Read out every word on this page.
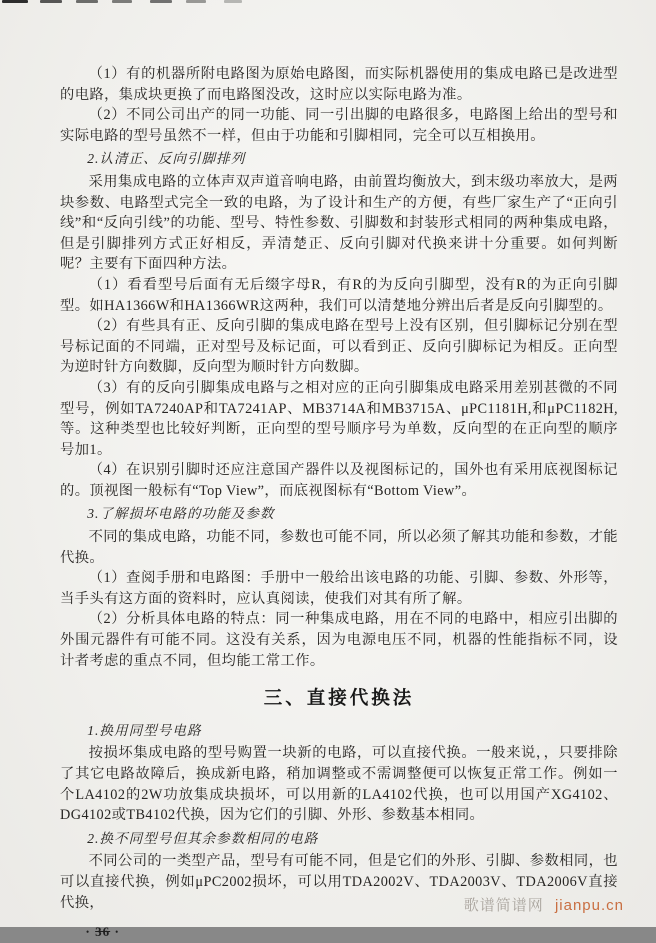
（1）有的机器所附电路图为原始电路图，而实际机器使用的集成电路已是改进型的电路，集成块更换了而电路图没改，这时应以实际电路为准。

（2）不同公司出产的同一功能、同一引出脚的电路很多，电路图上给出的型号和实际电路的型号虽然不一样，但由于功能和引脚相同，完全可以互相换用。

2.认清正、反向引脚排列

采用集成电路的立体声双声道音响电路，由前置均衡放大，到末级功率放大，是两块参数、电路型式完全一致的电路，为了设计和生产的方便，有些厂家生产了“正向引线”和“反向引线”的功能、型号、特性参数、引脚数和封装形式相同的两种集成电路，但是引脚排列方式正好相反，弄清楚正、反向引脚对代换来讲十分重要。如何判断呢？主要有下面四种方法。

（1）看看型号后面有无后缀字母R，有R的为反向引脚型，没有R的为正向引脚型。如HA1366W和HA1366WR这两种，我们可以清楚地分辨出后者是反向引脚型的。

（2）有些具有正、反向引脚的集成电路在型号上没有区别，但引脚标记分别在型号标记面的不同端，正对型号及标记面，可以看到正、反向引脚标记为相反。正向型为逆时针方向数脚，反向型为顺时针方向数脚。

（3）有的反向引脚集成电路与之相对应的正向引脚集成电路采用差别甚微的不同型号，例如TA7240AP和TA7241AP、MB3714A和MB3715A、μPC1181H,和μPC1182H,等。这种类型也比较好判断，正向型的型号顺序号为单数，反向型的在正向型的顺序号加1。

（4）在识别引脚时还应注意国产器件以及视图标记的，国外也有采用底视图标记的。顶视图一般标有“Top View”，而底视图标有“Bottom View”。

3.了解损坏电路的功能及参数

不同的集成电路，功能不同，参数也可能不同，所以必须了解其功能和参数，才能代换。

（1）查阅手册和电路图：手册中一般给出该电路的功能、引脚、参数、外形等，当手头有这方面的资料时，应认真阅读，使我们对其有所了解。

（2）分析具体电路的特点：同一种集成电路，用在不同的电路中，相应引出脚的外围元器件有可能不同。这没有关系，因为电源电压不同，机器的性能指标不同，设计者考虑的重点不同，但均能工常工作。

三、直接代换法

1.换用同型号电路

按损坏集成电路的型号购置一块新的电路，可以直接代换。一般来说，，只要排除了其它电路故障后，换成新电路，稍加调整或不需调整便可以恢复正常工作。例如一个LA4102的2W功放集成块损坏，可以用新的LA4102代换，也可以用国产XG4102、DG4102或TB4102代换，因为它们的引脚、外形、参数基本相同。

2.换不同型号但其余参数相同的电路

不同公司的一类型产品，型号有可能不同，但是它们的外形、引脚、参数相同，也可以直接代换，例如μPC2002损坏，可以用TDA2002V、TDA2003V、TDA2006V直接代换，

• 36 •
歌谱简谱网 jianpu.cn
